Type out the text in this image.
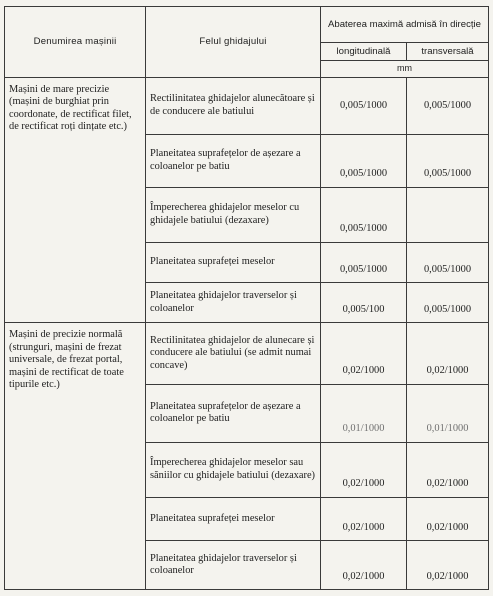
Denumirea mașinii	Felul ghidajului	Abaterea maximă admisă în direcție	
		longitudinală	transversală
		mm	
Mașini de mare precizie (mașini de burghiat prin coordonate, de rectificat filet, de rectificat roți dințate etc.)	Rectilinitatea ghidajelor alunecătoare și de conducere ale batiului	0,005/1000	0,005/1000
	Planeitatea suprafețelor de așezare a coloanelor pe batiu	0,005/1000	0,005/1000
	Împerecherea ghidajelor meselor cu ghidajele batiului (dezaxare)	0,005/1000	
	Planeitatea suprafeței meselor	0,005/1000	0,005/1000
	Planeitatea ghidajelor traverselor și coloanelor	0,005/100	0,005/1000
Mașini de precizie normală (strunguri, mașini de frezat universale, de frezat portal, mașini de rectificat de toate tipurile etc.)	Rectilinitatea ghidajelor de alunecare și conducere ale batiului (se admit numai concave)	0,02/1000	0,02/1000
	Planeitatea suprafețelor de așezare a coloanelor pe batiu	0,01/1000	0,01/1000
	Împerecherea ghidajelor meselor sau săniilor cu ghidajele batiului (dezaxare)	0,02/1000	0,02/1000
	Planeitatea suprafeței meselor	0,02/1000	0,02/1000
	Planeitatea ghidajelor traverselor și coloanelor	0,02/1000	0,02/1000
